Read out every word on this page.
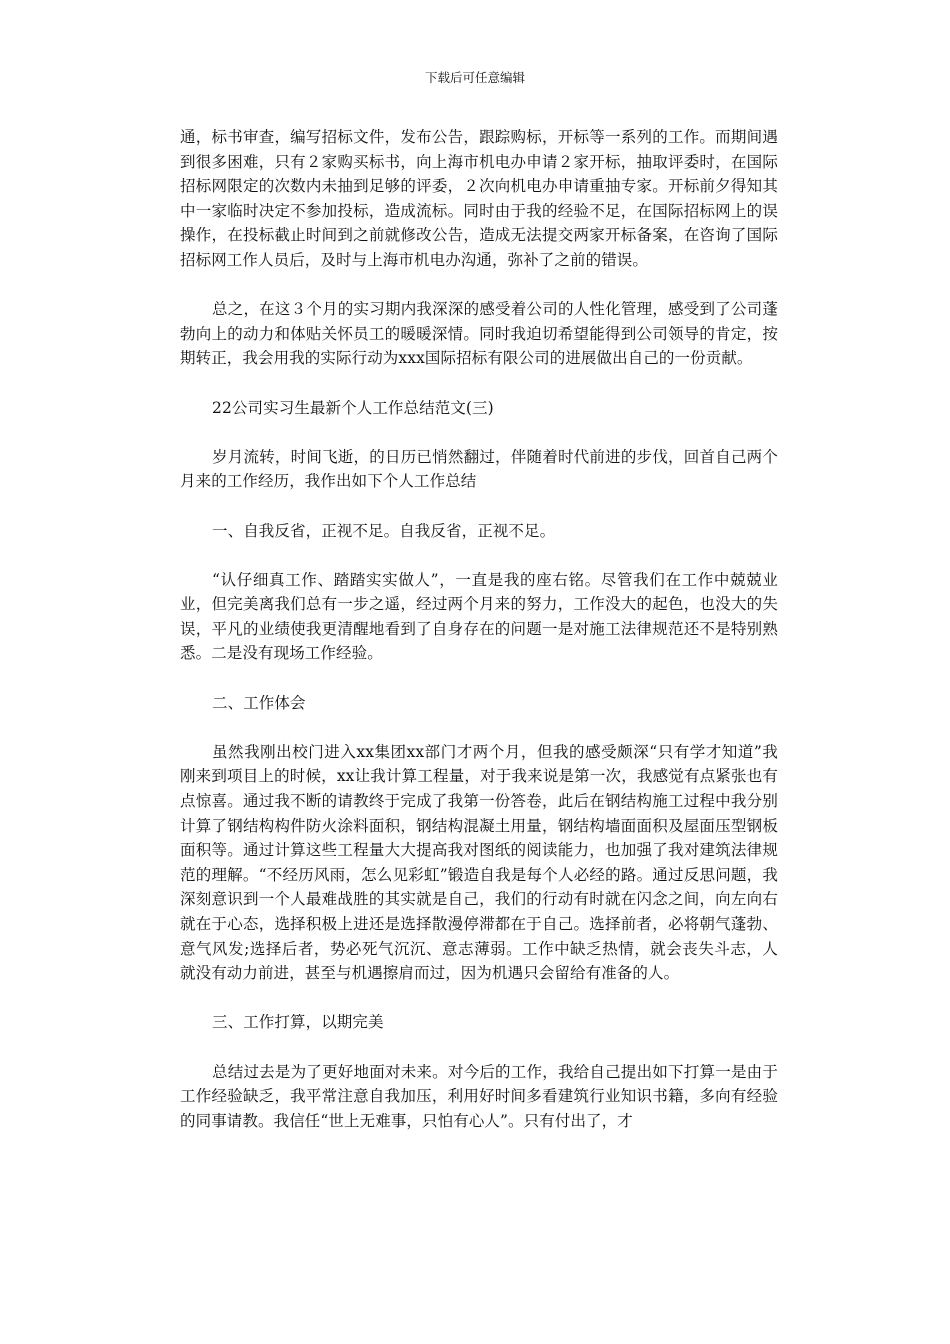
下载后可任意编辑

通，标书审查，编写招标文件，发布公告，跟踪购标，开标等一系列的工作。而期间遇到很多困难，只有２家购买标书，向上海市机电办申请２家开标，抽取评委时，在国际招标网限定的次数内未抽到足够的评委，２次向机电办申请重抽专家。开标前夕得知其中一家临时决定不参加投标，造成流标。同时由于我的经验不足，在国际招标网上的误操作，在投标截止时间到之前就修改公告，造成无法提交两家开标备案，在咨询了国际招标网工作人员后，及时与上海市机电办沟通，弥补了之前的错误。

总之，在这３个月的实习期内我深深的感受着公司的人性化管理，感受到了公司蓬勃向上的动力和体贴关怀员工的暖暖深情。同时我迫切希望能得到公司领导的肯定，按期转正，我会用我的实际行动为xxx国际招标有限公司的进展做出自己的一份贡献。

22公司实习生最新个人工作总结范文(三)

岁月流转，时间飞逝，的日历已悄然翻过，伴随着时代前进的步伐，回首自己两个月来的工作经历，我作出如下个人工作总结

一、自我反省，正视不足。自我反省，正视不足。

“认仔细真工作、踏踏实实做人”，一直是我的座右铭。尽管我们在工作中兢兢业业，但完美离我们总有一步之遥，经过两个月来的努力，工作没大的起色，也没大的失误，平凡的业绩使我更清醒地看到了自身存在的问题一是对施工法律规范还不是特别熟悉。二是没有现场工作经验。

二、工作体会

虽然我刚出校门进入xx集团xx部门才两个月，但我的感受颇深“只有学才知道”我刚来到项目上的时候，xx让我计算工程量，对于我来说是第一次，我感觉有点紧张也有点惊喜。通过我不断的请教终于完成了我第一份答卷，此后在钢结构施工过程中我分别计算了钢结构构件防火涂料面积，钢结构混凝土用量，钢结构墙面面积及屋面压型钢板面积等。通过计算这些工程量大大提高我对图纸的阅读能力，也加强了我对建筑法律规范的理解。“不经历风雨，怎么见彩虹”锻造自我是每个人必经的路。通过反思问题，我深刻意识到一个人最难战胜的其实就是自己，我们的行动有时就在闪念之间，向左向右就在于心态，选择积极上进还是选择散漫停滞都在于自己。选择前者，必将朝气蓬勃、意气风发;选择后者，势必死气沉沉、意志薄弱。工作中缺乏热情，就会丧失斗志，人就没有动力前进，甚至与机遇擦肩而过，因为机遇只会留给有准备的人。

三、工作打算，以期完美

总结过去是为了更好地面对未来。对今后的工作，我给自己提出如下打算一是由于工作经验缺乏，我平常注意自我加压，利用好时间多看建筑行业知识书籍，多向有经验的同事请教。我信任“世上无难事，只怕有心人”。只有付出了，才
